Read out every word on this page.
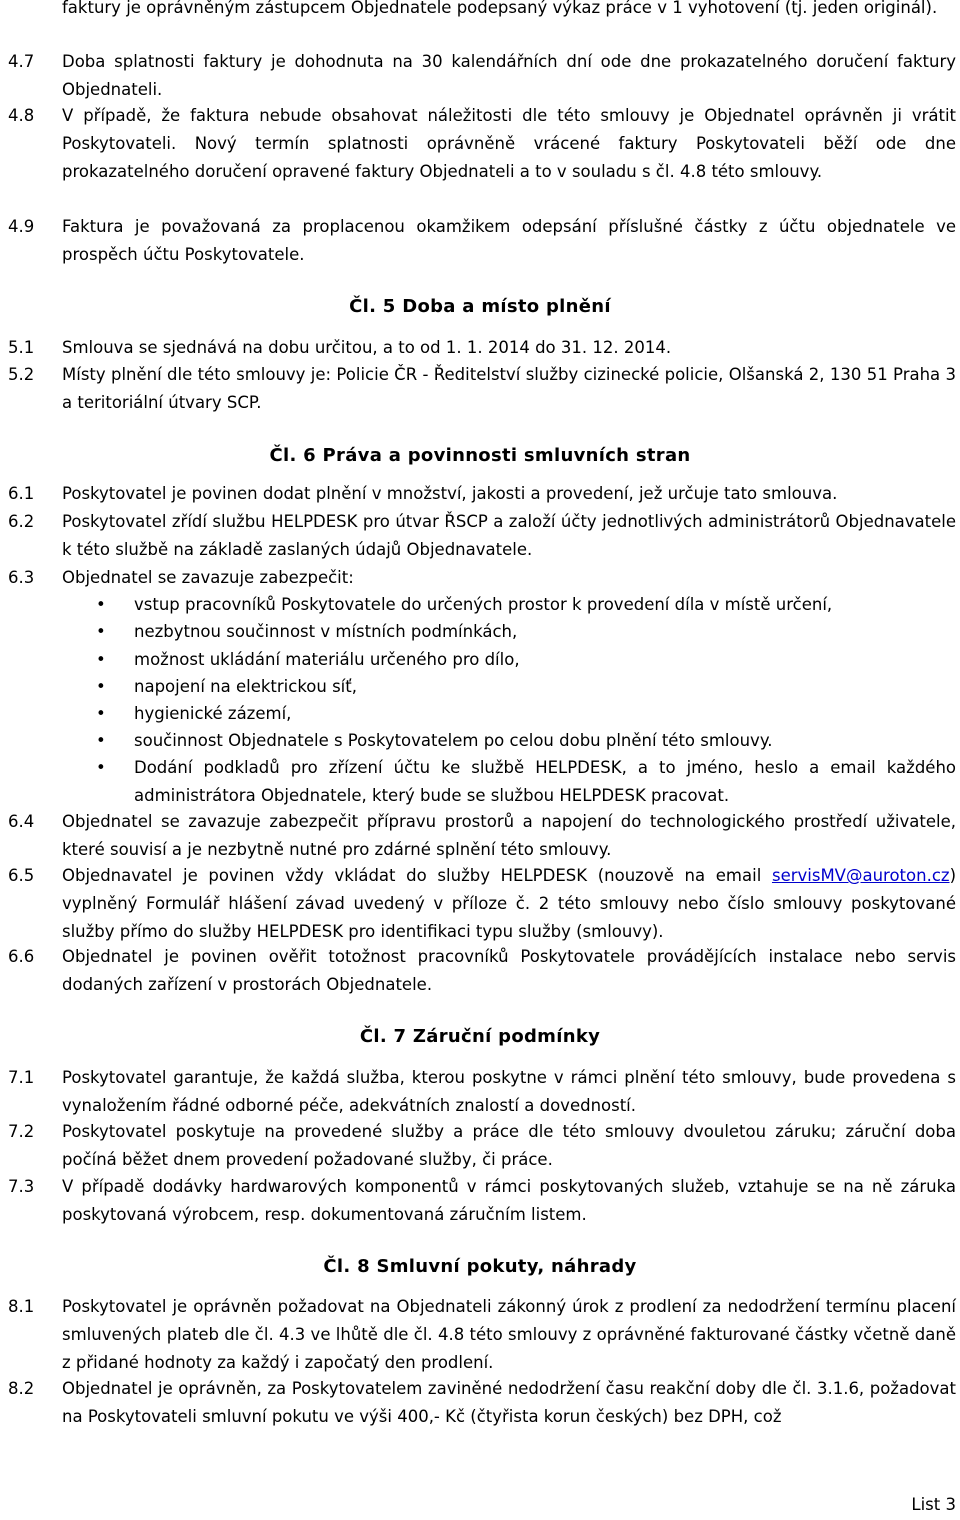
faktury je oprávněným zástupcem Objednatele podepsaný výkaz práce v 1 vyhotovení (tj. jeden originál).
4.7	Doba splatnosti faktury je dohodnuta na 30 kalendářních dní ode dne prokazatelného doručení faktury Objednateli.
4.8	V případě, že faktura nebude obsahovat náležitosti dle této smlouvy je Objednatel oprávněn ji vrátit Poskytovateli. Nový termín splatnosti oprávněně vrácené faktury Poskytovateli běží ode dne prokazatelného doručení opravené faktury Objednateli a to v souladu s čl. 4.8 této smlouvy.
4.9	Faktura je považovaná za proplacenou okamžikem odepsání příslušné částky z účtu objednatele ve prospěch účtu Poskytovatele.
Čl. 5 Doba a místo plnění
5.1	Smlouva se sjednává na dobu určitou, a to od 1. 1. 2014 do 31. 12. 2014.
5.2	Místy plnění dle této smlouvy je: Policie ČR - Ředitelství služby cizinecké policie, Olšanská 2, 130 51 Praha 3 a teritoriální útvary SCP.
Čl. 6 Práva a povinnosti smluvních stran
6.1	Poskytovatel je povinen dodat plnění v množství, jakosti a provedení, jež určuje tato smlouva.
6.2	Poskytovatel zřídí službu HELPDESK pro útvar ŘSCP a založí účty jednotlivých administrátorů Objednavatele k této službě na základě zaslaných údajů Objednavatele.
6.3	Objednatel se zavazuje zabezpečit:
• vstup pracovníků Poskytovatele do určených prostor k provedení díla v místě určení,
• nezbytnou součinnost v místních podmínkách,
• možnost ukládání materiálu určeného pro dílo,
• napojení na elektrickou síť,
• hygienické zázemí,
• součinnost Objednatele s Poskytovatelem po celou dobu plnění této smlouvy.
• Dodání podkladů pro zřízení účtu ke službě HELPDESK, a to jméno, heslo a email každého administrátora Objednatele, který bude se službou HELPDESK pracovat.
6.4	Objednatel se zavazuje zabezpečit přípravu prostorů a napojení do technologického prostředí uživatele, které souvisí a je nezbytně nutné pro zdárné splnění této smlouvy.
6.5	Objednavatel je povinen vždy vkládat do služby HELPDESK (nouzově na email servisMV@auroton.cz) vyplněný Formulář hlášení závad uvedený v příloze č. 2 této smlouvy nebo číslo smlouvy poskytované služby přímo do služby HELPDESK pro identifikaci typu služby (smlouvy).
6.6	Objednatel je povinen ověřit totožnost pracovníků Poskytovatele provádějících instalace nebo servis dodaných zařízení v prostorách Objednatele.
Čl. 7 Záruční podmínky
7.1	Poskytovatel garantuje, že každá služba, kterou poskytne v rámci plnění této smlouvy, bude provedena s vynaložením řádné odborné péče, adekvátních znalostí a dovedností.
7.2	Poskytovatel poskytuje na provedené služby a práce dle této smlouvy dvouletou záruku; záruční doba počíná běžet dnem provedení požadované služby, či práce.
7.3	V případě dodávky hardwarových komponentů v rámci poskytovaných služeb, vztahuje se na ně záruka poskytovaná výrobcem, resp. dokumentovaná záručním listem.
Čl. 8 Smluvní pokuty, náhrady
8.1	Poskytovatel je oprávněn požadovat na Objednateli zákonný úrok z prodlení za nedodržení termínu placení smluvených plateb dle čl. 4.3 ve lhůtě dle čl. 4.8 této smlouvy z oprávněné fakturované částky včetně daně z přidané hodnoty za každý i započatý den prodlení.
8.2	Objednatel je oprávněn, za Poskytovatelem zaviněné nedodržení času reakční doby dle čl. 3.1.6, požadovat na Poskytovateli smluvní pokutu ve výši 400,- Kč (čtyřista korun českých) bez DPH, což
List 3
